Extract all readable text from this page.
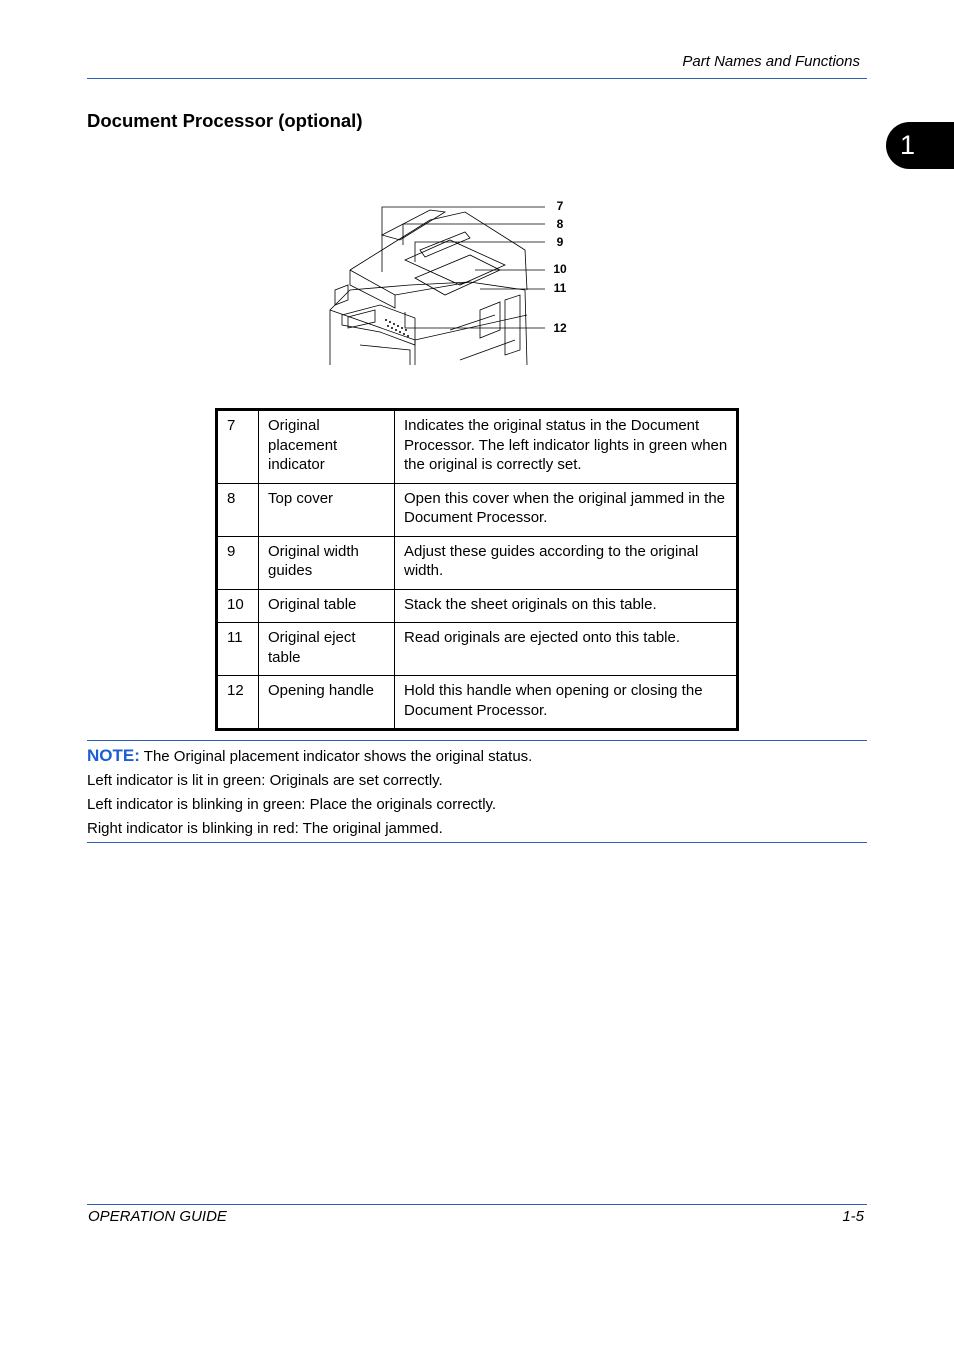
Part Names and Functions
Document Processor (optional)
1
7
8
9
10
11
12
7	Original placement indicator	Indicates the original status in the Document Processor. The left indicator lights in green when the original is correctly set.
8	Top cover	Open this cover when the original jammed in the Document Processor.
9	Original width guides	Adjust these guides according to the original width.
10	Original table	Stack the sheet originals on this table.
11	Original eject table	Read originals are ejected onto this table.
12	Opening handle	Hold this handle when opening or closing the Document Processor.
NOTE: The Original placement indicator shows the original status.
Left indicator is lit in green: Originals are set correctly.
Left indicator is blinking in green: Place the originals correctly.
Right indicator is blinking in red: The original jammed.
OPERATION GUIDE	1-5
